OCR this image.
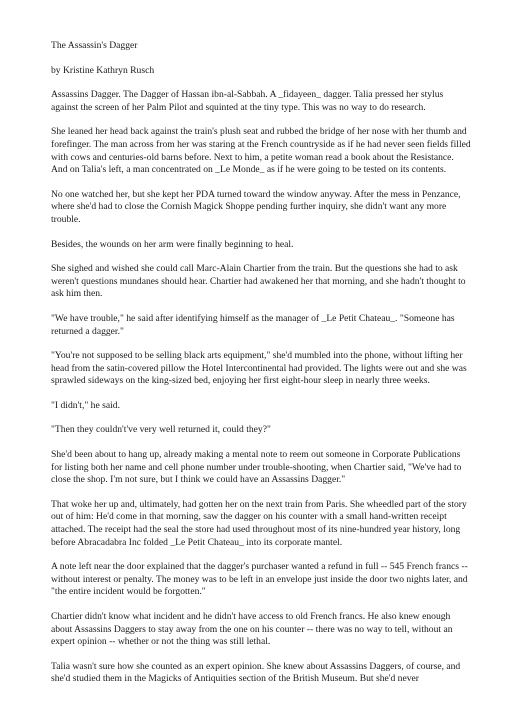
The Assassin's Dagger

by Kristine Kathryn Rusch

Assassins Dagger. The Dagger of Hassan ibn-al-Sabbah. A _fidayeen_ dagger. Talia pressed her stylus against the screen of her Palm Pilot and squinted at the tiny type. This was no way to do research.

She leaned her head back against the train's plush seat and rubbed the bridge of her nose with her thumb and forefinger. The man across from her was staring at the French countryside as if he had never seen fields filled with cows and centuries-old barns before. Next to him, a petite woman read a book about the Resistance. And on Talia's left, a man concentrated on _Le Monde_ as if he were going to be tested on its contents.

No one watched her, but she kept her PDA turned toward the window anyway. After the mess in Penzance, where she'd had to close the Cornish Magick Shoppe pending further inquiry, she didn't want any more trouble.

Besides, the wounds on her arm were finally beginning to heal.

She sighed and wished she could call Marc-Alain Chartier from the train. But the questions she had to ask weren't questions mundanes should hear. Chartier had awakened her that morning, and she hadn't thought to ask him then.

"We have trouble," he said after identifying himself as the manager of _Le Petit Chateau_. "Someone has returned a dagger."

"You're not supposed to be selling black arts equipment," she'd mumbled into the phone, without lifting her head from the satin-covered pillow the Hotel Intercontinental had provided. The lights were out and she was sprawled sideways on the king-sized bed, enjoying her first eight-hour sleep in nearly three weeks.

"I didn't," he said.

"Then they couldn't've very well returned it, could they?"

She'd been about to hang up, already making a mental note to reem out someone in Corporate Publications for listing both her name and cell phone number under trouble-shooting, when Chartier said, "We've had to close the shop. I'm not sure, but I think we could have an Assassins Dagger."

That woke her up and, ultimately, had gotten her on the next train from Paris. She wheedled part of the story out of him: He'd come in that morning, saw the dagger on his counter with a small hand-written receipt attached. The receipt had the seal the store had used throughout most of its nine-hundred year history, long before Abracadabra Inc folded _Le Petit Chateau_ into its corporate mantel.

A note left near the door explained that the dagger's purchaser wanted a refund in full -- 545 French francs -- without interest or penalty. The money was to be left in an envelope just inside the door two nights later, and "the entire incident would be forgotten."

Chartier didn't know what incident and he didn't have access to old French francs. He also knew enough about Assassins Daggers to stay away from the one on his counter -- there was no way to tell, without an expert opinion -- whether or not the thing was still lethal.

Talia wasn't sure how she counted as an expert opinion. She knew about Assassins Daggers, of course, and she'd studied them in the Magicks of Antiquities section of the British Museum. But she'd never
